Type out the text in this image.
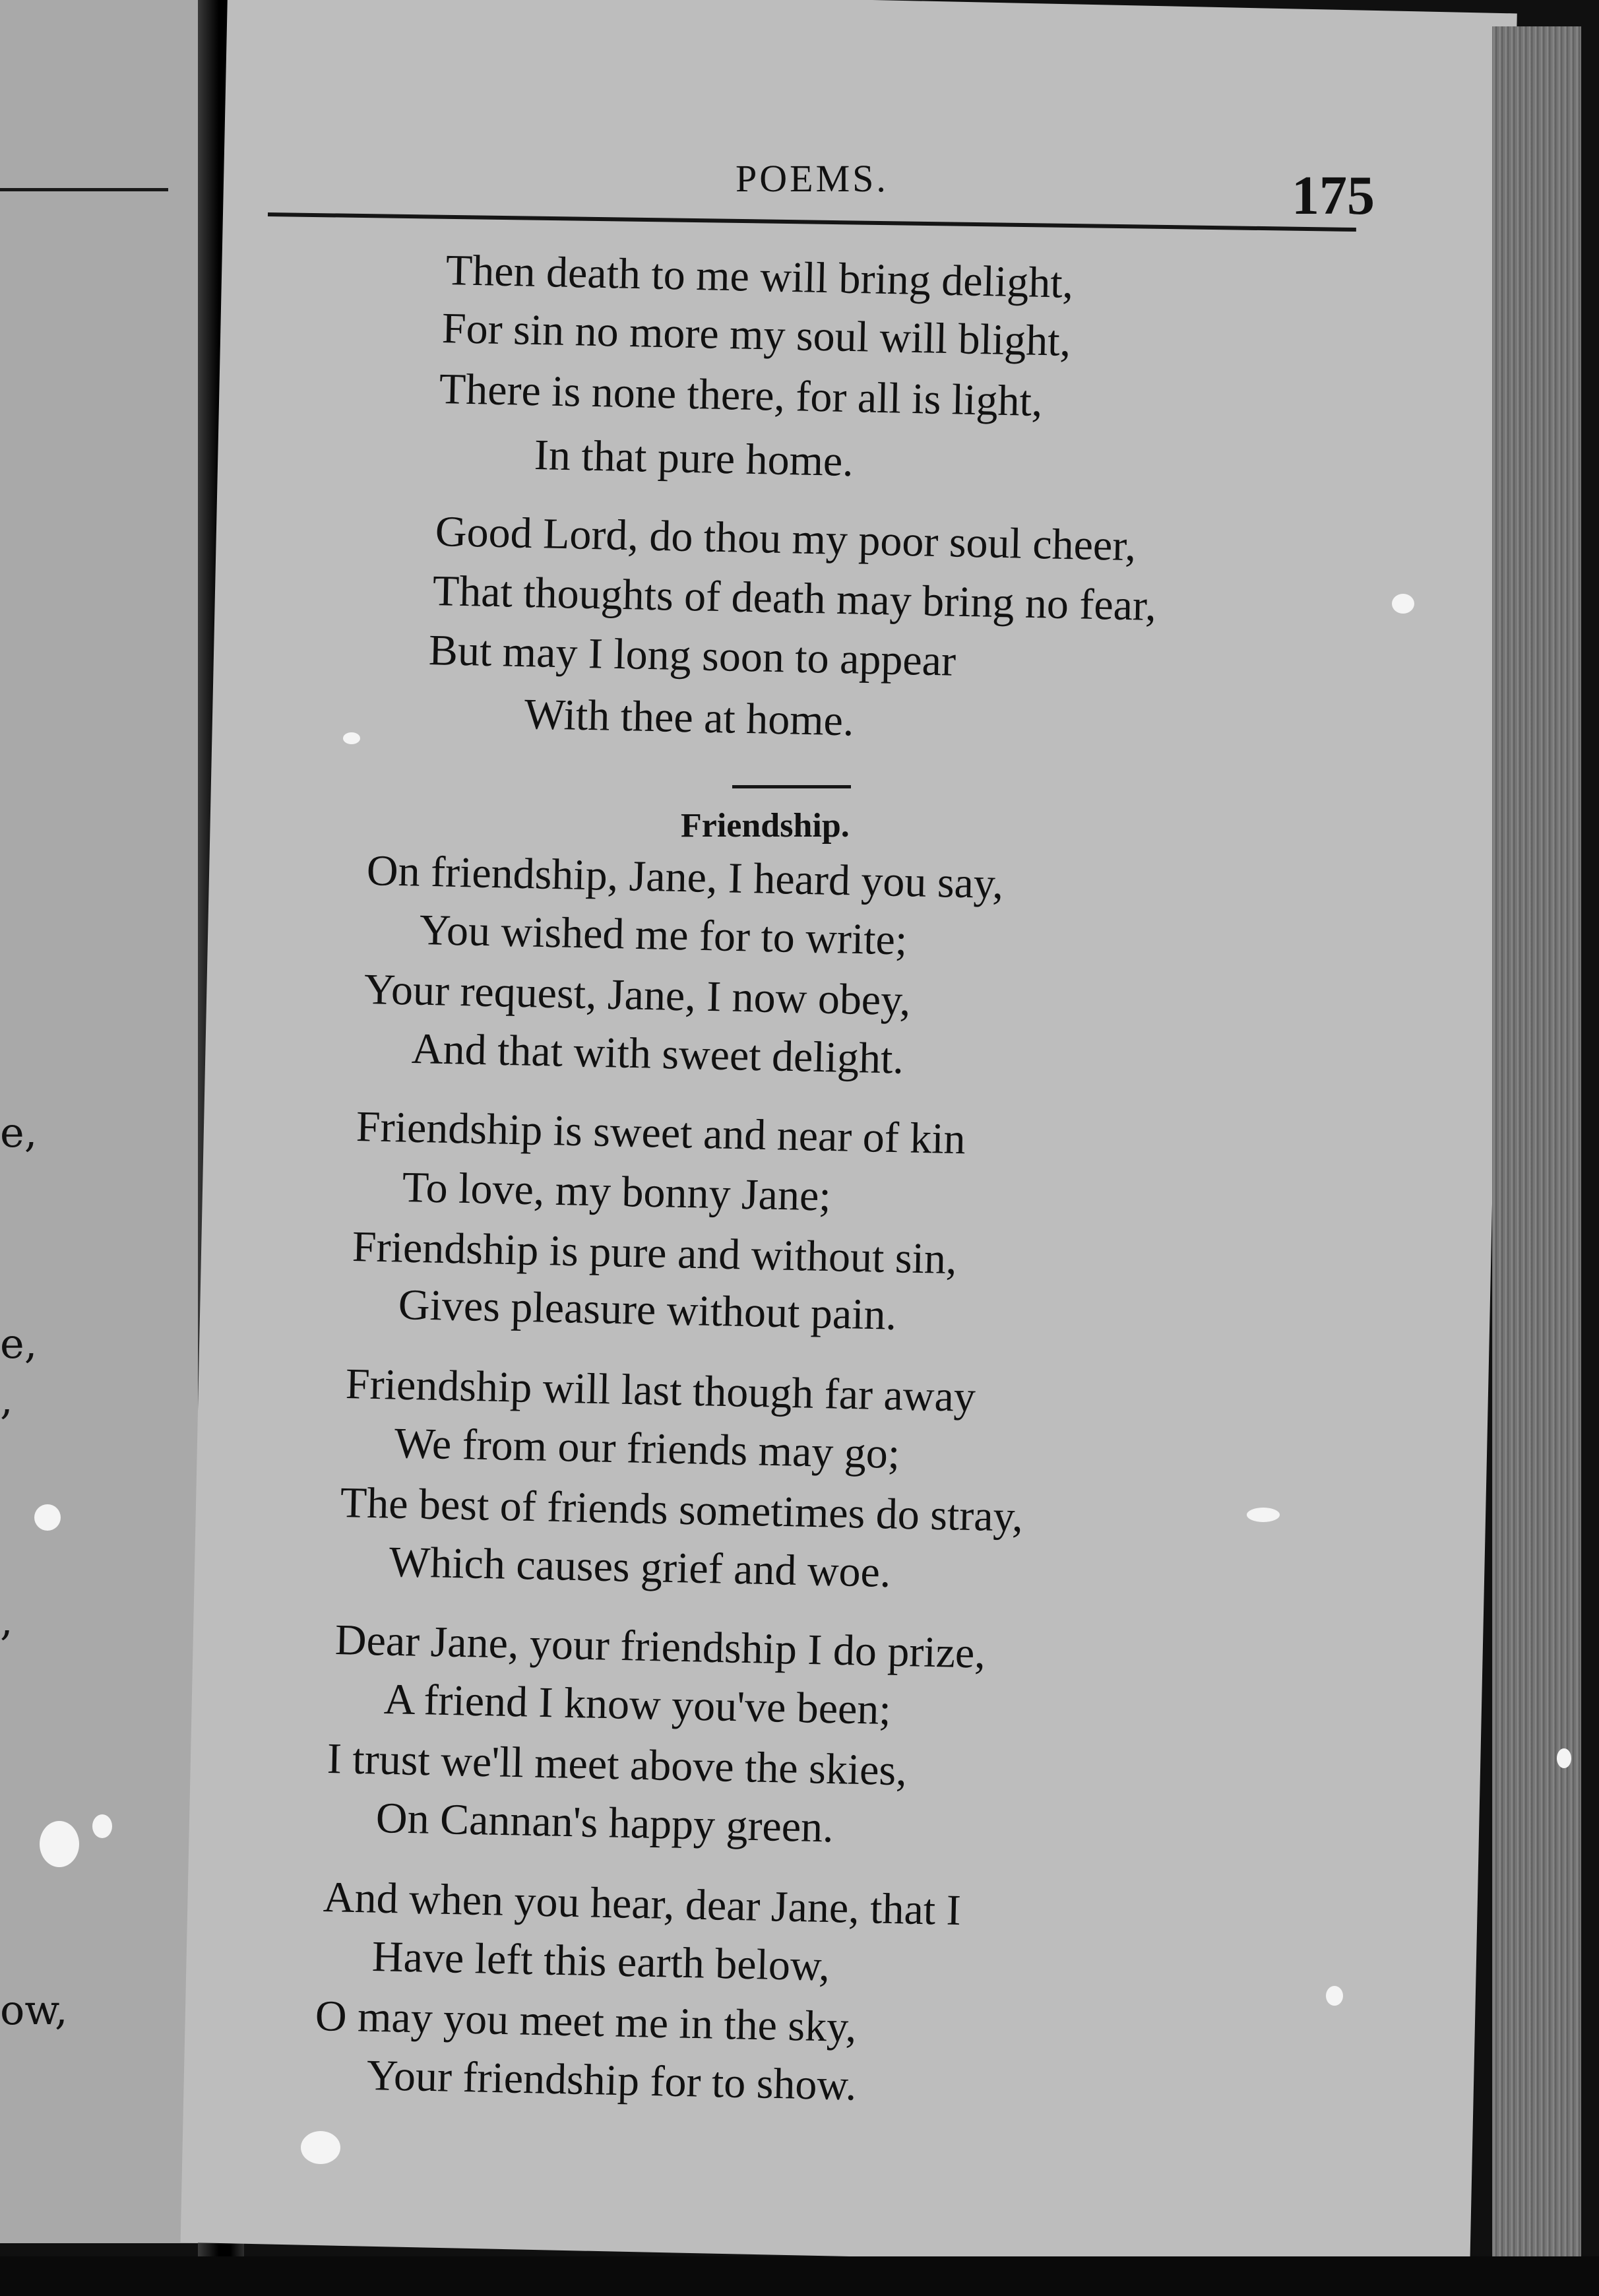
e,
e,
,
,
ow,
POEMS.	175
Then death to me will bring delight,
For sin no more my soul will blight,
There is none there, for all is light,
In that pure home.
Good Lord, do thou my poor soul cheer,
That thoughts of death may bring no fear,
But may I long soon to appear
With thee at home.
Friendship.
On friendship, Jane, I heard you say,
You wished me for to write;
Your request, Jane, I now obey,
And that with sweet delight.
Friendship is sweet and near of kin
To love, my bonny Jane;
Friendship is pure and without sin,
Gives pleasure without pain.
Friendship will last though far away
We from our friends may go;
The best of friends sometimes do stray,
Which causes grief and woe.
Dear Jane, your friendship I do prize,
A friend I know you've been;
I trust we'll meet above the skies,
On Cannan's happy green.
And when you hear, dear Jane, that I
Have left this earth below,
O may you meet me in the sky,
Your friendship for to show.
